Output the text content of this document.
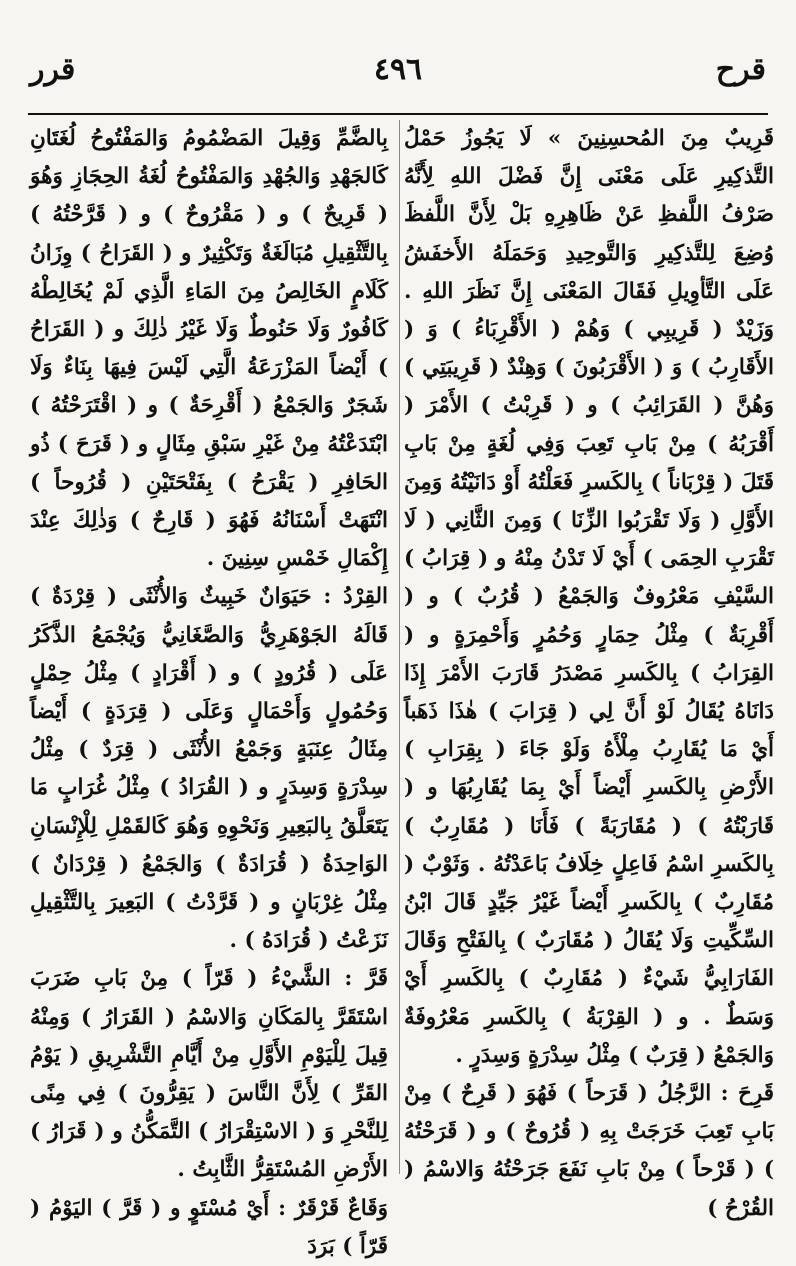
قرح
٤٩٦
قرر

قَرِيبٌ مِنَ المُحسِنِينَ » لَا يَجُوزُ حَمْلُ التَّذكِيرِ عَلَى مَعْنَى إِنَّ فَضْلَ اللهِ لِأَنَّهُ صَرْفُ اللَّفظِ عَنْ ظَاهِرِهِ بَلْ لِأَنَّ اللَّفظَ وُضِعَ لِلتَّذكِيرِ وَالتَّوحِيدِ وَحَمَلَهُ الأَخفَشُ عَلَى التَّأوِيلِ فَقَالَ المَعْنَى إِنَّ نَظَرَ اللهِ . وَزَيْدٌ ( قَرِيبِي ) وَهُمْ ( الأَقْرِبَاءُ ) وَ ( الأَقَارِبُ ) وَ ( الأَقْرَبُونَ ) وَهِنْدٌ ( قَرِيبَتِي ) وَهُنَّ ( القَرَائِبُ ) و ( قَرِبْتُ ) الأَمْرَ ( أَقْرَبُهُ ) مِنْ بَابِ تَعِبَ وَفِي لُغَةٍ مِنْ بَابِ قَتَلَ ( قِرْبَاناً ) بِالكَسرِ فَعَلْتُهُ أَوْ دَانَيْتُهُ وَمِنَ الأَوَّلِ ( وَلَا تَقْرَبُوا الزِّنَا ) وَمِنَ الثَّانِي ( لَا تَقْرَبِ الحِمَى ) أَيْ لَا تَدْنُ مِنْهُ و ( قِرَابُ ) السَّيْفِ مَعْرُوفٌ وَالجَمْعُ ( قُرُبٌ ) و ( أَقْرِبَةٌ ) مِثْلُ حِمَارٍ وَحُمُرٍ وَأَحْمِرَةٍ و ( القِرَابُ ) بِالكَسرِ مَصْدَرُ قَارَبَ الأَمْرَ إِذَا دَانَاهُ يُقَالُ لَوْ أَنَّ لِي ( قِرَابَ ) هٰذَا ذَهَباً أَيْ مَا يُقَارِبُ مِلْأَهُ وَلَوْ جَاءَ ( بِقِرَابِ ) الأَرْضِ بِالكَسرِ أَيْضاً أَيْ بِمَا يُقَارِبُهَا و ( قَارَبْتُهُ ) ( مُقَارَبَةً ) فَأَنَا ( مُقَارِبٌ ) بِالكَسرِ اسْمُ فَاعِلٍ خِلَافُ بَاعَدْتُهُ . وَثَوْبٌ ( مُقَارِبٌ ) بِالكَسرِ أَيْضاً غَيْرُ جَيِّدٍ قَالَ ابْنُ السِّكِّيتِ وَلَا يُقَالُ ( مُقَارَبٌ ) بِالفَتْحِ وَقَالَ الفَارَابِيُّ شَيْءٌ ( مُقَارِبٌ ) بِالكَسرِ أَيْ وَسَطٌ . و ( القِرْبَةُ ) بِالكَسرِ مَعْرُوفَةٌ وَالجَمْعُ ( قِرَبٌ ) مِثْلُ سِدْرَةٍ وَسِدَرٍ .

قَرِحَ : الرَّجُلُ ( قَرَحاً ) فَهُوَ ( قَرِحٌ ) مِنْ بَابِ تَعِبَ خَرَجَتْ بِهِ ( قُرُوحٌ ) و ( قَرَحْتُهُ ) ( قَرْحاً ) مِنْ بَابِ نَفَعَ جَرَحْتُهُ وَالاسْمُ ( القُرْحُ )

بِالضَّمِّ وَقِيلَ المَضْمُومُ وَالمَفْتُوحُ لُغَتَانِ كَالجَهْدِ وَالجُهْدِ وَالمَفْتُوحُ لُغَةُ الحِجَازِ وَهُوَ ( قَرِيحٌ ) و ( مَقْرُوحٌ ) و ( قَرَّحْتُهُ ) بِالتَّثْقِيلِ مُبَالَغَةٌ وَتَكْثِيرٌ و ( القَرَاحُ ) وِزَانُ كَلَامٍ الخَالِصُ مِنَ المَاءِ الَّذِي لَمْ يُخَالِطْهُ كَافُورٌ وَلَا حَنُوطٌ وَلَا غَيْرُ ذٰلِكَ و ( القَرَاحُ ) أَيْضاً المَزْرَعَةُ الَّتِي لَيْسَ فِيهَا بِنَاءٌ وَلَا شَجَرٌ وَالجَمْعُ ( أَقْرِحَةٌ ) و ( اقْتَرَحْتُهُ ) ابْتَدَعْتُهُ مِنْ غَيْرِ سَبْقِ مِثَالٍ و ( قَرَحَ ) ذُو الحَافِرِ ( يَقْرَحُ ) بِفَتْحَتَيْنِ ( قُرُوحاً ) انْتَهَتْ أَسْنَانُهُ فَهُوَ ( قَارِحٌ ) وَذٰلِكَ عِنْدَ إِكْمَالِ خَمْسِ سِنِينَ .

القِرْدُ : حَيَوَانٌ خَبِيثٌ وَالأُنْثَى ( قِرْدَةٌ ) قَالَهُ الجَوْهَرِيُّ وَالصَّغَانِيُّ وَيُجْمَعُ الذَّكَرُ عَلَى ( قُرُودٍ ) و ( أَقْرَادٍ ) مِثْلُ حِمْلٍ وَحُمُولٍ وَأَحْمَالٍ وَعَلَى ( قِرَدَةٍ ) أَيْضاً مِثَالُ عِنَبَةٍ وَجَمْعُ الأُنْثَى ( قِرَدٌ ) مِثْلُ سِدْرَةٍ وَسِدَرٍ و ( القُرَادُ ) مِثْلُ غُرَابٍ مَا يَتَعَلَّقُ بِالبَعِيرِ وَنَحْوِهِ وَهُوَ كَالقَمْلِ لِلْإِنْسَانِ الوَاحِدَةُ ( قُرَادَةٌ ) وَالجَمْعُ ( قِرْدَانٌ ) مِثْلُ غِرْبَانٍ و ( قَرَّدْتُ ) البَعِيرَ بِالتَّثْقِيلِ نَزَعْتُ ( قُرَادَهُ ) .

قَرَّ : الشَّيْءُ ( قَرّاً ) مِنْ بَابِ ضَرَبَ اسْتَقَرَّ بِالمَكَانِ وَالاسْمُ ( القَرَارُ ) وَمِنْهُ قِيلَ لِلْيَوْمِ الأَوَّلِ مِنْ أَيَّامِ التَّشْرِيقِ ( يَوْمُ القَرِّ ) لِأَنَّ النَّاسَ ( يَقِرُّونَ ) فِي مِنًى لِلنَّحْرِ وَ ( الاسْتِقْرَارُ ) التَّمَكُّنُ و ( قَرَارُ ) الأَرْضِ المُسْتَقِرُّ الثَّابِتُ .

وَقَاعٌ قَرْقَرٌ : أَيْ مُسْتَوٍ و ( قَرَّ ) اليَوْمُ ( قَرّاً ) بَرَدَ
